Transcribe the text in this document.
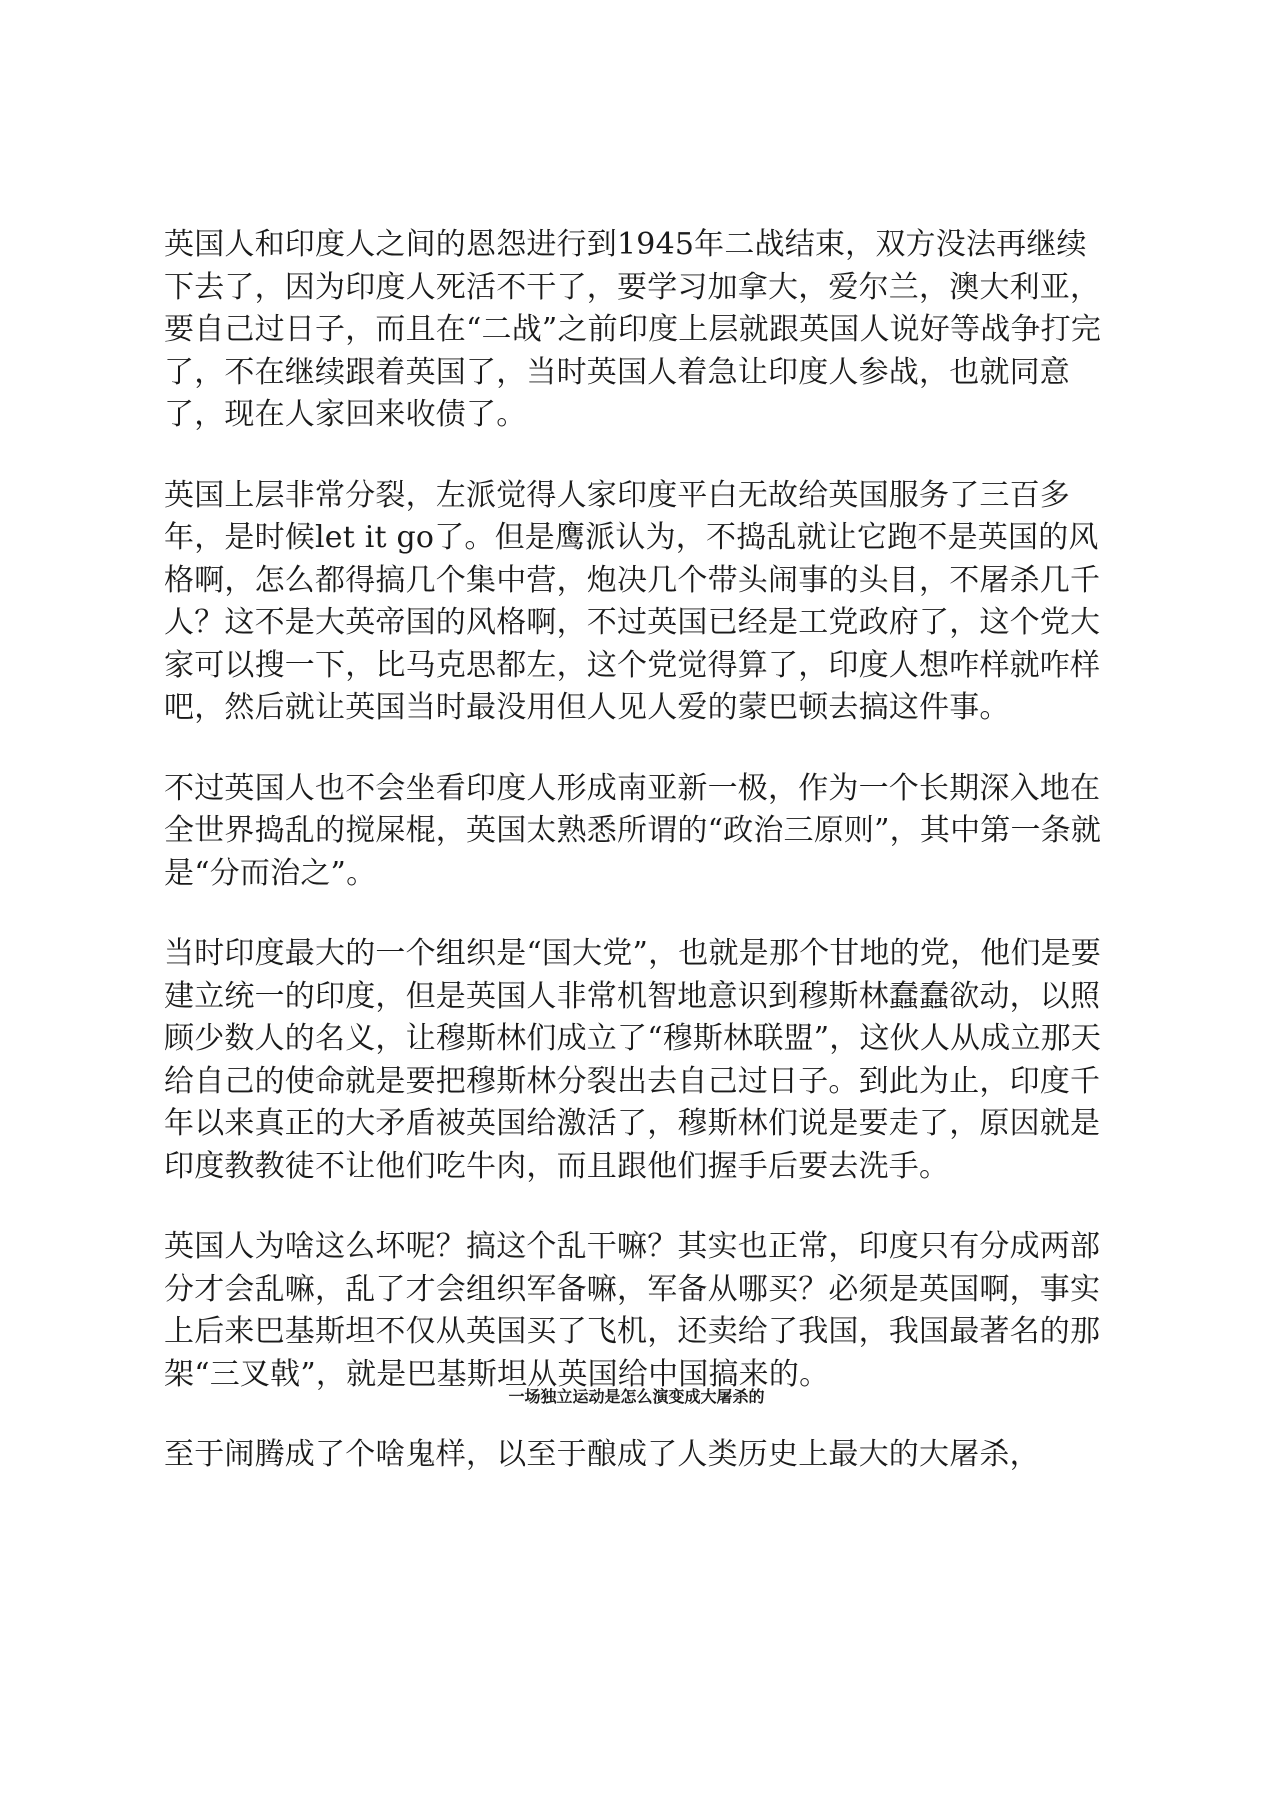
英国人和印度人之间的恩怨进行到1945年二战结束，双方没法再继续下去了，因为印度人死活不干了，要学习加拿大，爱尔兰，澳大利亚，要自己过日子，而且在“二战”之前印度上层就跟英国人说好等战争打完了，不在继续跟着英国了，当时英国人着急让印度人参战，也就同意了，现在人家回来收债了。

英国上层非常分裂，左派觉得人家印度平白无故给英国服务了三百多年，是时候let it go了。但是鹰派认为，不捣乱就让它跑不是英国的风格啊，怎么都得搞几个集中营，炮决几个带头闹事的头目，不屠杀几千人？这不是大英帝国的风格啊，不过英国已经是工党政府了，这个党大家可以搜一下，比马克思都左，这个党觉得算了，印度人想咋样就咋样吧，然后就让英国当时最没用但人见人爱的蒙巴顿去搞这件事。

不过英国人也不会坐看印度人形成南亚新一极，作为一个长期深入地在全世界捣乱的搅屎棍，英国太熟悉所谓的“政治三原则”，其中第一条就是“分而治之”。

当时印度最大的一个组织是“国大党”，也就是那个甘地的党，他们是要建立统一的印度，但是英国人非常机智地意识到穆斯林蠢蠢欲动，以照顾少数人的名义，让穆斯林们成立了“穆斯林联盟”，这伙人从成立那天给自己的使命就是要把穆斯林分裂出去自己过日子。到此为止，印度千年以来真正的大矛盾被英国给激活了，穆斯林们说是要走了，原因就是印度教教徒不让他们吃牛肉，而且跟他们握手后要去洗手。

英国人为啥这么坏呢？搞这个乱干嘛？其实也正常，印度只有分成两部分才会乱嘛，乱了才会组织军备嘛，军备从哪买？必须是英国啊，事实上后来巴基斯坦不仅从英国买了飞机，还卖给了我国，我国最著名的那架“三叉戟”，就是巴基斯坦从英国给中国搞来的。

至于闹腾成了个啥鬼样，以至于酿成了人类历史上最大的大屠杀，

一场独立运动是怎么演变成大屠杀的
